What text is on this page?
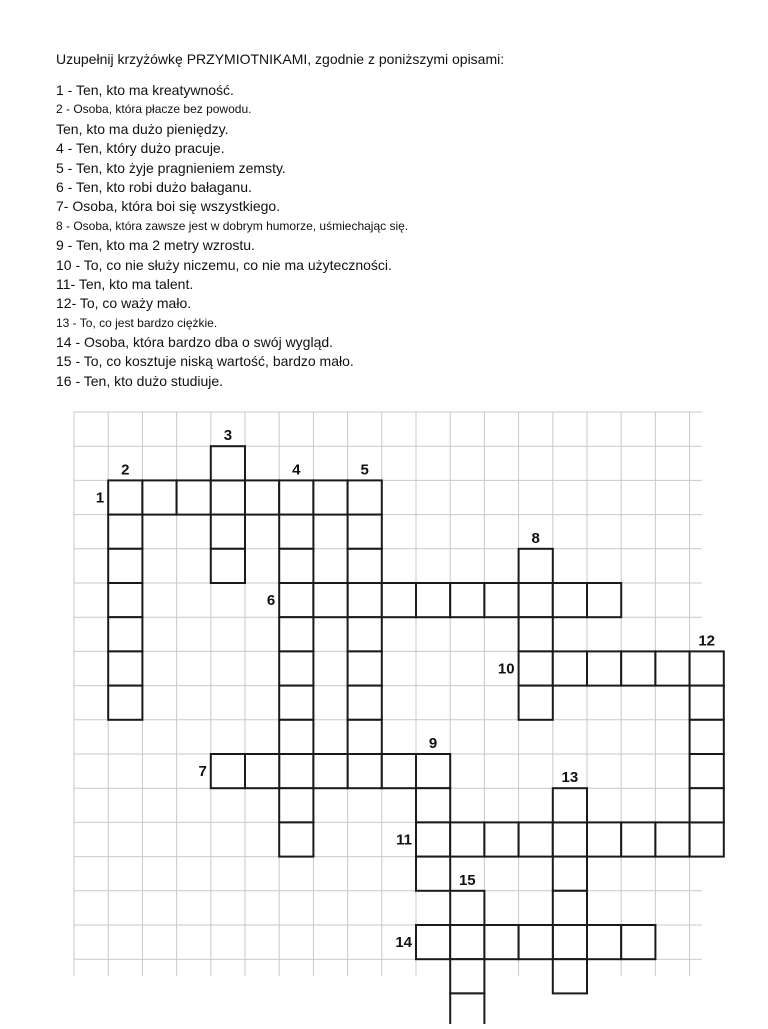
Uzupełnij krzyżówkę PRZYMIOTNIKAMI, zgodnie z poniższymi opisami:
1 - Ten, kto ma kreatywność.
2 - Osoba, która płacze bez powodu.
Ten, kto ma dużo pieniędzy.
4 - Ten, który dużo pracuje.
5 - Ten, kto żyje pragnieniem zemsty.
6 - Ten, kto robi dużo bałaganu.
7- Osoba, która boi się wszystkiego.
8 - Osoba, która zawsze jest w dobrym humorze, uśmiechając się.
9 - Ten, kto ma 2 metry wzrostu.
10 - To, co nie służy niczemu, co nie ma użyteczności.
11- Ten, kto ma talent.
12- To, co waży mało.
13 - To, co jest bardzo ciężkie.
14 - Osoba, która bardzo dba o swój wygląd.
15 - To, co kosztuje niską wartość, bardzo mało.
16 - Ten, kto dużo studiuje.
1
2
3
4	5
6
7
8
9
10
11
12
13
14
15
